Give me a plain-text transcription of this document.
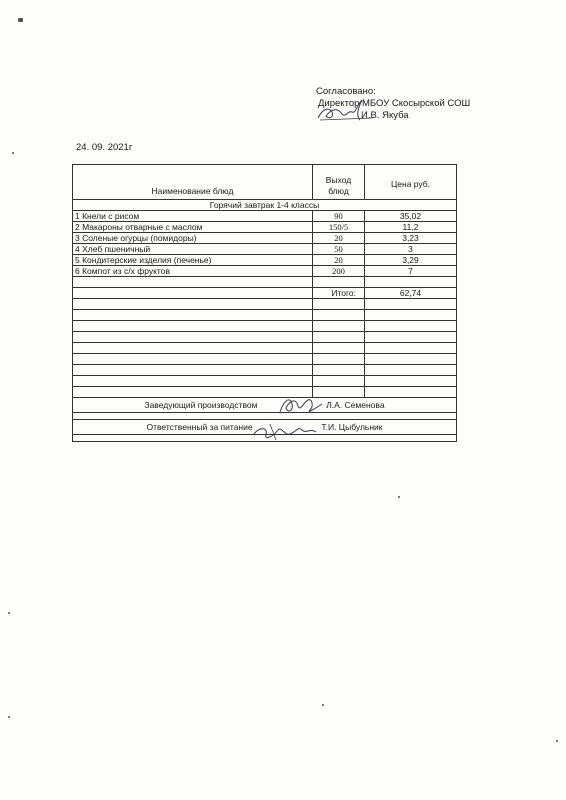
Согласовано:
Директор МБОУ Скосырской СОШ
И.В. Якуба
24. 09. 2021г
Наименование блюд	Выход блюд	Цена руб.
Горячий завтрак 1-4 классы		
1 Кнели с рисом	90	35,02
2 Макароны отварные с маслом	150/5	11,2
3 Соленые огурцы (помидоры)	20	3,23
4 Хлеб пшеничный	50	3
5 Кондитерские изделия (печенье)	20	3,29
6 Компот из с/х фруктов	200	7

	Итого:	62,74

Заведующий производством Л.А. Семенова		

Ответственный за питание Т.И. Цыбульник		
